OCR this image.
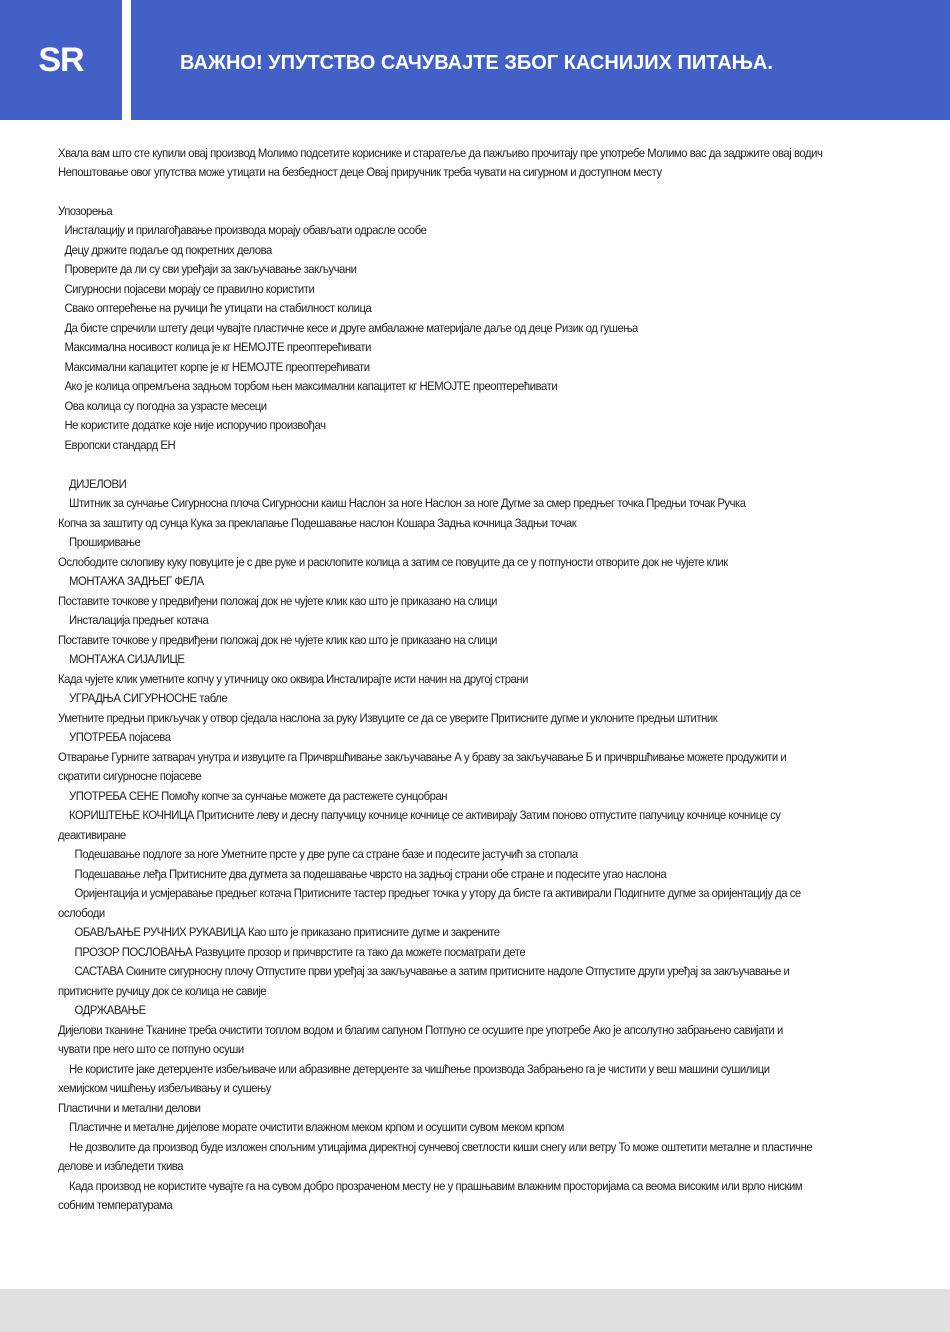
SR	ВАЖНО! УПУТСТВО САЧУВАЈТЕ ЗБОГ КАСНИЈИХ ПИТАЊА.
Хвала вам што сте купили овај производ Молимо подсетите кориснике и старатеље да пажљиво прочитају пре употребе Молимо вас да задржите овај водич
Непоштовање овог упутства може утицати на безбедност деце Овај приручник треба чувати на сигурном и доступном месту
Упозорења
Инсталацију и прилагођавање производа морају обављати одрасле особе
Децу држите подаље од покретних делова
Проверите да ли су сви уређаји за закључавање закључани
Сигурносни појасеви морају се правилно користити
Свако оптерећење на ручици ће утицати на стабилност колица
Да бисте спречили штету деци чувајте пластичне кесе и друге амбалажне материјале даље од деце Ризик од гушења
Максимална носивост колица је кг НЕМОЈТЕ преоптерећивати
Максимални капацитет корпе је кг НЕМОЈТЕ преоптерећивати
Ако је колица опремљена задњом торбом њен максимални капацитет кг НЕМОЈТЕ преоптерећивати
Ова колица су погодна за узрасте месеци
Не користите додатке које није испоручио произвођач
Европски стандард ЕН
ДИЈЕЛОВИ
Штитник за сунчање Сигурносна плоча Сигурносни каиш Наслон за ноге Наслон за ноге Дугме за смер предњег точка Предњи точак Ручка
Копча за заштиту од сунца Кука за преклапање Подешавање наслон Кошара Задња кочница Задњи точак
Проширивање
Ослободите склопиву куку повуците је с две руке и расклопите колица а затим се повуците да се у потпуности отворите док не чујете клик
МОНТАЖА ЗАДЊЕГ ФЕЛА
Поставите точкове у предвиђени положај док не чујете клик као што је приказано на слици
Инсталација предњег котача
Поставите точкове у предвиђени положај док не чујете клик као што је приказано на слици
МОНТАЖА СИЈАЛИЦЕ
Када чујете клик уметните копчу у утичницу око оквира Инсталирајте исти начин на другој страни
УГРАДЊА СИГУРНОСНЕ табле
Уметните предњи прикључак у отвор сједала наслона за руку Извуците се да се уверите Притисните дугме и уклоните предњи штитник
УПОТРЕБА појасева
Отварање Гурните затварач унутра и извуците га Причвршћивање закључавање А у браву за закључавање Б и причвршћивање можете продужити и
скратити сигурносне појасеве
УПОТРЕБА СЕНЕ Помоћу копче за сунчање можете да растежете сунцобран
КОРИШТЕЊЕ КОЧНИЦА Притисните леву и десну папучицу кочнице кочнице се активирају Затим поново отпустите папучицу кочнице кочнице су
деактивиране
Подешавање подлоге за ноге Уметните прсте у две рупе са стране базе и подесите јастучић за стопала
Подешавање леђа Притисните два дугмета за подешавање чврсто на задњој страни обе стране и подесите угао наслона
Оријентација и усмјеравање предњег котача Притисните тастер предњег точка у утору да бисте га активирали Подигните дугме за оријентацију да се
ослободи
ОБАВЉАЊЕ РУЧНИХ РУКАВИЦА Као што је приказано притисните дугме и закрените
ПРОЗОР ПОСЛОВАЊА Развуците прозор и причврстите га тако да можете посматрати дете
САСТАВА Скините сигурносну плочу Отпустите први уређај за закључавање а затим притисните надоле Отпустите други уређај за закључавање и
притисните ручицу док се колица не савије
ОДРЖАВАЊЕ
Дијелови тканине Тканине треба очистити топлом водом и благим сапуном Потпуно се осушите пре употребе Ако је апсолутно забрањено савијати и
чувати пре него што се потпуно осуши
Не користите јаке детерџенте избељиваче или абразивне детерџенте за чишћење производа Забрањено га је чистити у веш машини сушилици
хемијском чишћењу избељивању и сушењу
Пластични и метални делови
Пластичне и металне дијелове морате очистити влажном меком крпом и осушити сувом меком крпом
Не дозволите да производ буде изложен спољним утицајима директној сунчевој светлости киши снегу или ветру То може оштетити металне и пластичне
делове и избледети ткива
Када производ не користите чувајте га на сувом добро прозраченом месту не у прашњавим влажним просторијама са веома високим или врло ниским
собним температурама
